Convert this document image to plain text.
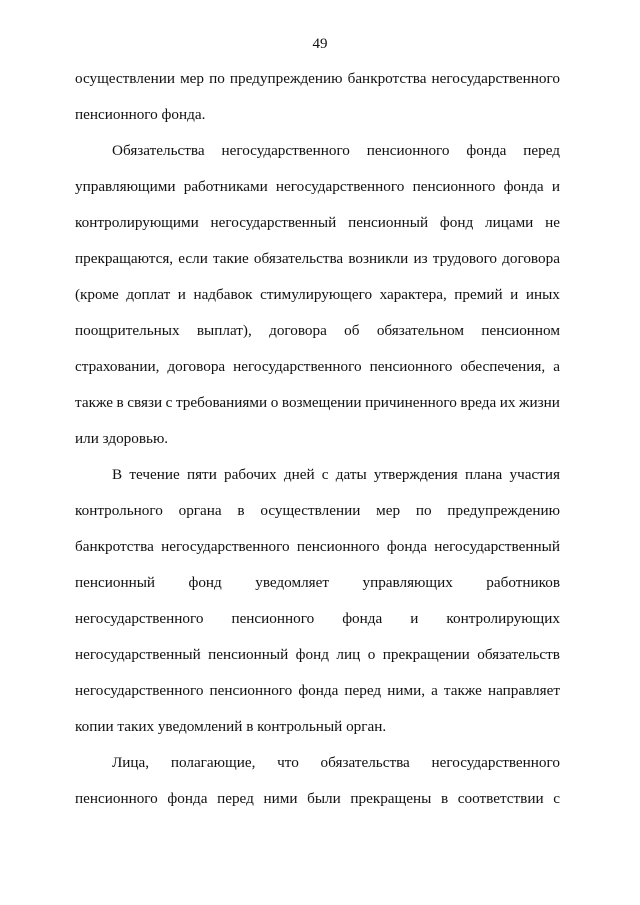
49
осуществлении мер по предупреждению банкротства негосударственного
пенсионного фонда.
Обязательства негосударственного пенсионного фонда перед
управляющими работниками негосударственного пенсионного фонда и
контролирующими негосударственный пенсионный фонд лицами не
прекращаются, если такие обязательства возникли из трудового договора
(кроме доплат и надбавок стимулирующего характера, премий и иных
поощрительных выплат), договора об обязательном пенсионном
страховании, договора негосударственного пенсионного обеспечения, а
также в связи с требованиями о возмещении причиненного вреда их жизни
или здоровью.
В течение пяти рабочих дней с даты утверждения плана участия
контрольного органа в осуществлении мер по предупреждению
банкротства негосударственного пенсионного фонда негосударственный
пенсионный фонд уведомляет управляющих работников
негосударственного пенсионного фонда и контролирующих
негосударственный пенсионный фонд лиц о прекращении обязательств
негосударственного пенсионного фонда перед ними, а также направляет
копии таких уведомлений в контрольный орган.
Лица, полагающие, что обязательства негосударственного
пенсионного фонда перед ними были прекращены в соответствии с
